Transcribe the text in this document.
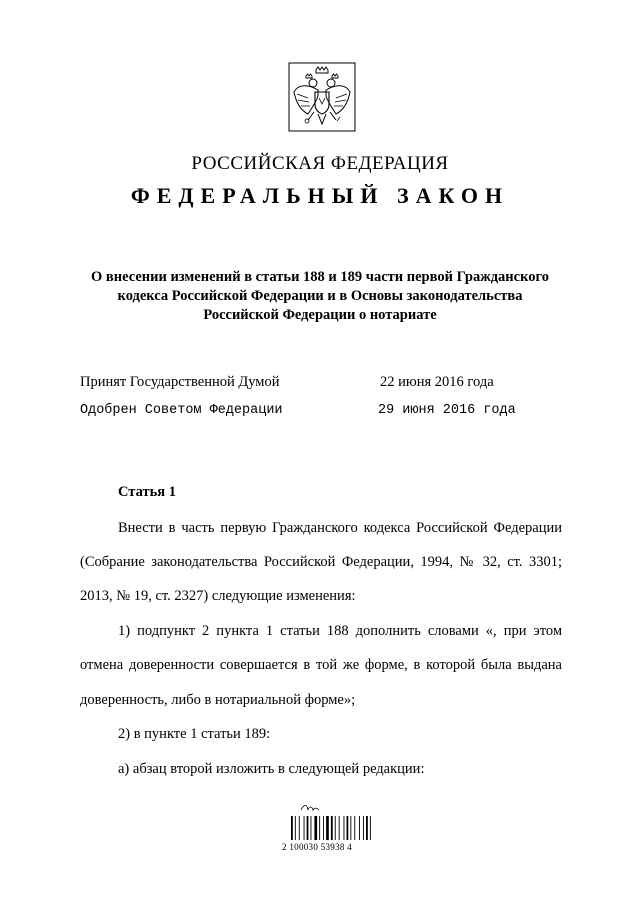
РОССИЙСКАЯ ФЕДЕРАЦИЯ
ФЕДЕРАЛЬНЫЙ ЗАКОН
О внесении изменений в статьи 188 и 189 части первой Гражданского
кодекса Российской Федерации и в Основы законодательства
Российской Федерации о нотариате
Принят Государственной Думой	22 июня 2016 года
Одобрен Советом Федерации	29 июня 2016 года
Статья 1
Внести в часть первую Гражданского кодекса Российской Федерации
(Собрание законодательства Российской Федерации, 1994, № 32, ст. 3301;
2013, № 19, ст. 2327) следующие изменения:
1) подпункт 2 пункта 1 статьи 188 дополнить словами «, при этом
отмена доверенности совершается в той же форме, в которой была выдана
доверенность, либо в нотариальной форме»;
2) в пункте 1 статьи 189:
а) абзац второй изложить в следующей редакции:
2 100030 53938 4
